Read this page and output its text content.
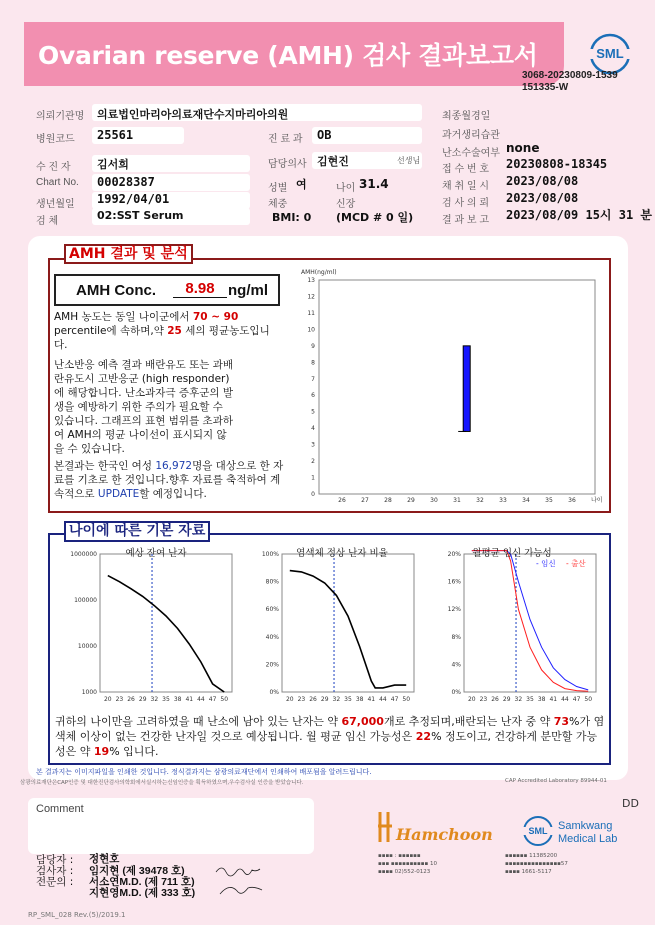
Ovarian reserve (AMH) 검사 결과보고서	SML
3068-20230809-1539
151335-W
의뢰기관명 의료법인마리아의료재단수지마리아의원
병원코드 25561	진 료 과 OB
수 진 자 김서희	담당의사 김현진	선생님
Chart No. 00028387	성별 여	나이 31.4
생년월일 1992/04/01	체중	신장
검 체	02:SST Serum	BMI: 0 (MCD # 0 일)
최종월경일
과거생리습관
난소수술여부 none
접 수 번 호 20230808-18345
채 취 일 시 2023/08/08
검 사 의 뢰 2023/08/08
결 과 보 고 2023/08/09 15시 31 분
AMH 결과 및 분석
AMH Conc.	8.98 ng/ml
AMH 농도는 동일 나이군에서 70 ~ 90 percentile에 속하며,약 25 세의 평균농도입니다.
난소반응 예측 결과 배란유도 또는 과배란유도시 고반응군 (high responder)에 해당합니다. 난소과자극 증후군의 발생을 예방하기 위한 주의가 필요할 수 있습니다. 그래프의 표현 범위를 초과하여 AMH의 평균 나이선이 표시되지 않을 수 있습니다.
본결과는 한국인 여성 16,972명을 대상으로 한 자료를 기초로 한 것입니다.향후 자료를 축적하여 계속적으로 UPDATE할 예정입니다.
AMH(ng/ml)
0
1
2
3
4
5
6
7
8
9
10
11
12
13
26	27	28	29	30	31	32	33	34	35	36	나이
나이에 따른 기본 자료
1000000
100000
10000
1000
20 23 26 29 32 35 38 41 44 47 50
예상 잔여 난자	100%
80%
60%
40%
20%
0%
20 23 26 29 32 35 38 41 44 47 50
염색체 정상 난자 비율	20%
16%
12%
8%
4%
0%
20 23 26 29 32 35 38 41 44 47 50
월평균 임신 가능성
- 임신 - 출산
귀하의 나이만을 고려하였을 때 난소에 남아 있는 난자는 약 67,000개로 추정되며,배란되는 난자 중 약 73%가 염색체 이상이 없는 건강한 난자일 것으로 예상됩니다. 월 평균 임신 가능성은 22% 정도이고, 건강하게 분만할 가능성은 약 19% 입니다.
본 결과지는 이미지파일을 인쇄한 것입니다. 정식결과지는 삼광의료재단에서 인쇄하여 배포됨을 알려드립니다.
삼광의료재단은CAP인증 및 대한진단검사의학회에서실시하는신임인증을 획득하였으며,우수검사실 인증을 받았습니다.	CAP Accredited Laboratory 89944-01
DD
Comment
담당자 : 정현호
검사자 : 임지현 (제 39478 호)
전문의 : 서소연M.D. (제 711 호)
지현영M.D. (제 333 호)
Hamchoon
▪▪▪▪ : ▪▪▪▪▪▪
▪▪▪ ▪▪▪▪▪▪▪▪▪▪ 10
▪▪▪▪ 02)552-0123
SML Samkwang
Medical Lab
▪▪▪▪▪▪ 11385200
▪▪▪▪▪▪▪▪▪▪▪▪▪▪▪57
▪▪▪▪ 1661-5117
RP_SML_028 Rev.(5)/2019.1
